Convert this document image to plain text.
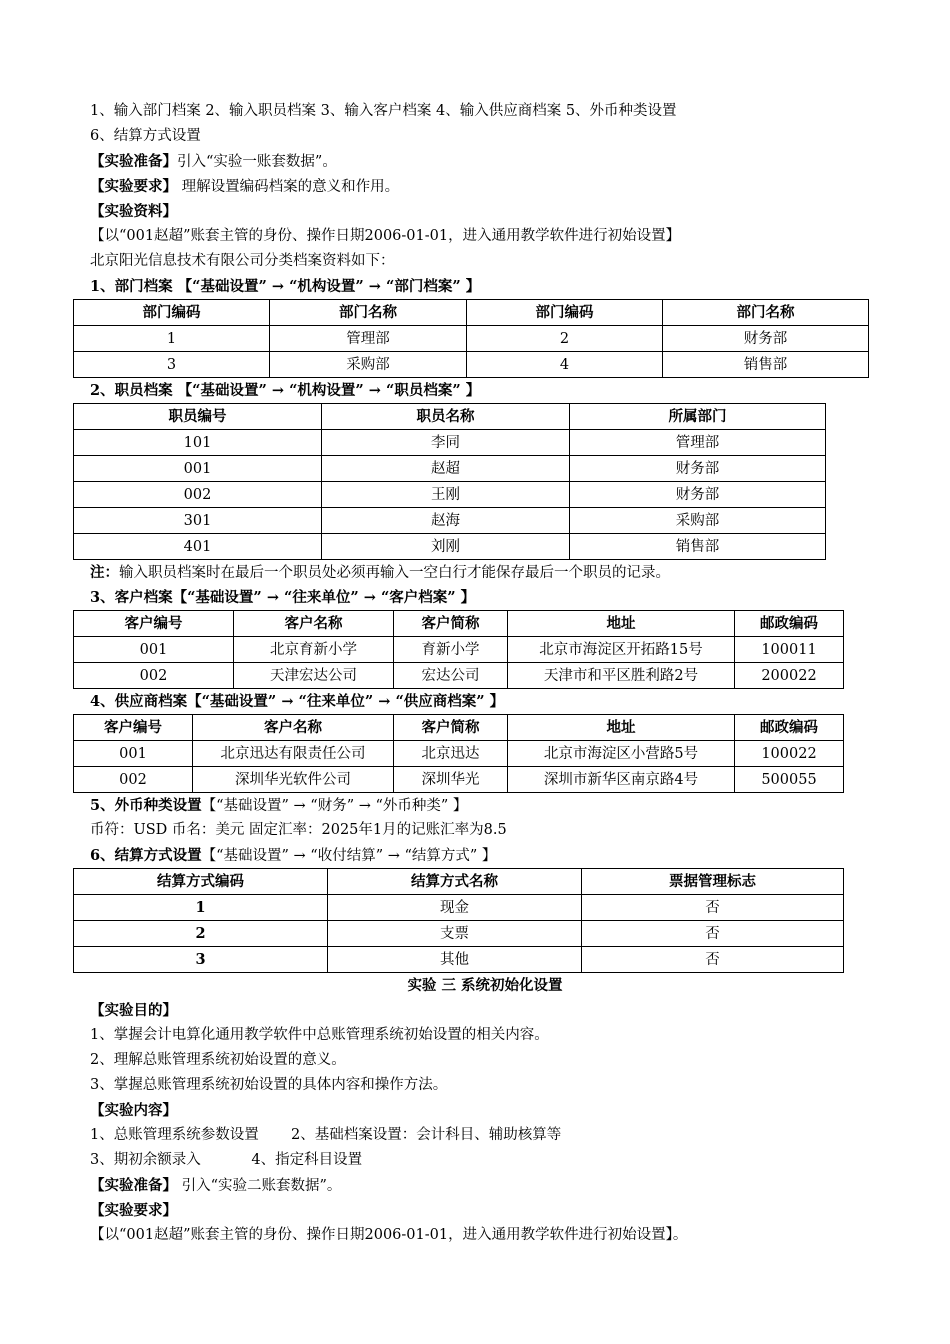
1、输入部门档案 2、输入职员档案 3、输入客户档案 4、输入供应商档案 5、外币种类设置
6、结算方式设置
【实验准备】引入“实验一账套数据”。
【实验要求】 理解设置编码档案的意义和作用。
【实验资料】
【以“001赵超”账套主管的身份、操作日期2006-01-01，进入通用教学软件进行初始设置】
北京阳光信息技术有限公司分类档案资料如下：
1、部门档案 【“基础设置” → “机构设置” → “部门档案” 】
部门编码	部门名称	部门编码	部门名称
1	管理部	2	财务部
3	采购部	4	销售部
2、职员档案 【“基础设置” → “机构设置” → “职员档案” 】
职员编号	职员名称	所属部门
101	李同	管理部
001	赵超	财务部
002	王刚	财务部
301	赵海	采购部
401	刘刚	销售部
注：输入职员档案时在最后一个职员处必须再输入一空白行才能保存最后一个职员的记录。
3、客户档案【“基础设置” → “往来单位” → “客户档案” 】
客户编号	客户名称	客户简称	地址	邮政编码
001	北京育新小学	育新小学	北京市海淀区开拓路15号	100011
002	天津宏达公司	宏达公司	天津市和平区胜利路2号	200022
4、供应商档案【“基础设置” → “往来单位” → “供应商档案” 】
客户编号	客户名称	客户简称	地址	邮政编码
001	北京迅达有限责任公司	北京迅达	北京市海淀区小营路5号	100022
002	深圳华光软件公司	深圳华光	深圳市新华区南京路4号	500055
5、外币种类设置【“基础设置” → “财务” → “外币种类” 】
币符：USD 币名：美元 固定汇率：2025年1月的记账汇率为8.5
6、结算方式设置【“基础设置” → “收付结算” → “结算方式” 】
结算方式编码	结算方式名称	票据管理标志
1	现金	否
2	支票	否
3	其他	否
实验 三 系统初始化设置
【实验目的】
1、掌握会计电算化通用教学软件中总账管理系统初始设置的相关内容。
2、理解总账管理系统初始设置的意义。
3、掌握总账管理系统初始设置的具体内容和操作方法。
【实验内容】
1、总账管理系统参数设置       2、基础档案设置：会计科目、辅助核算等
3、期初余额录入           4、指定科目设置
【实验准备】 引入“实验二账套数据”。
【实验要求】
【以“001赵超”账套主管的身份、操作日期2006-01-01，进入通用教学软件进行初始设置】。
